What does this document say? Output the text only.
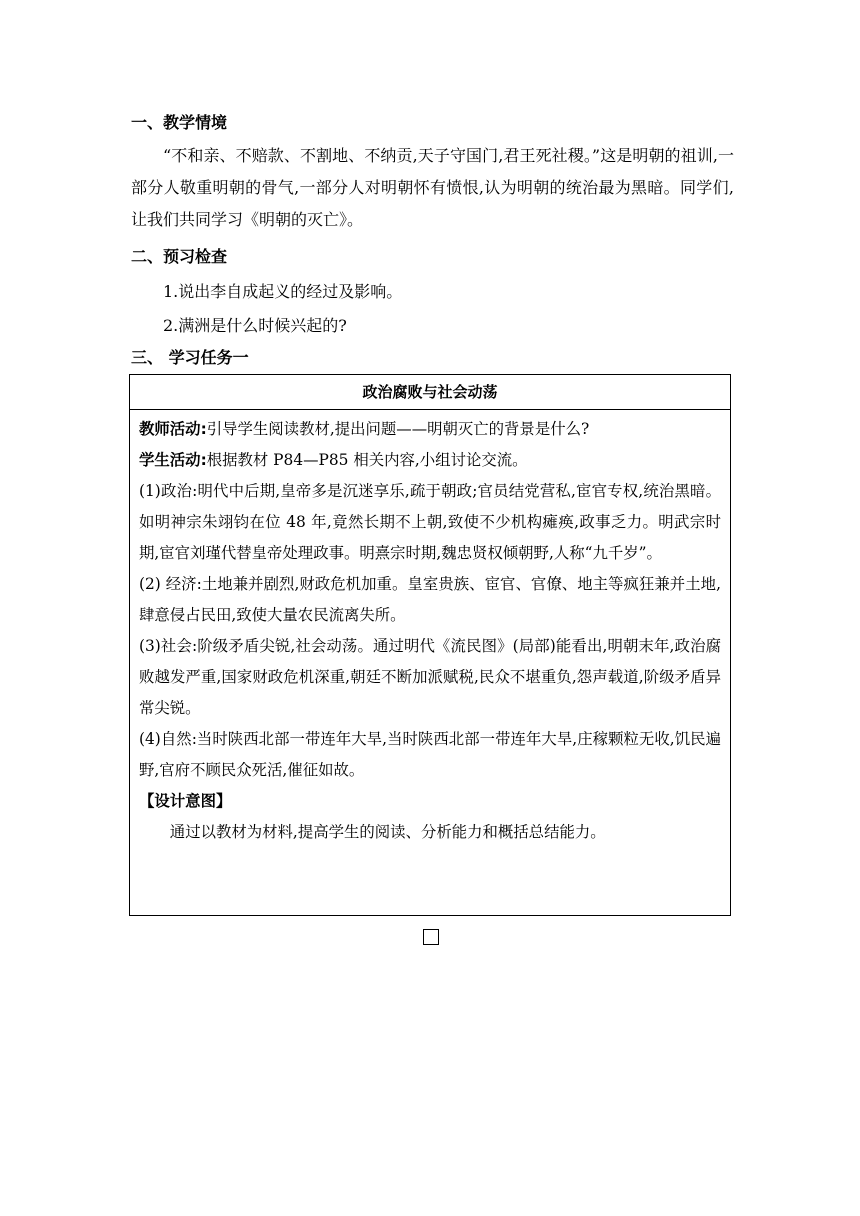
一、教学情境
“不和亲、不赔款、不割地、不纳贡,天子守国门,君王死社稷。”这是明朝的祖训,一部分人敬重明朝的骨气,一部分人对明朝怀有愤恨,认为明朝的统治最为黑暗。同学们,让我们共同学习《明朝的灭亡》。
二、预习检查
1.说出李自成起义的经过及影响。
2.满洲是什么时候兴起的?
三、 学习任务一
政治腐败与社会动荡

教师活动:引导学生阅读教材,提出问题——明朝灭亡的背景是什么?

学生活动:根据教材 P84—P85 相关内容,小组讨论交流。

(1)政治:明代中后期,皇帝多是沉迷享乐,疏于朝政;官员结党营私,宦官专权,统治黑暗。如明神宗朱翊钧在位 48 年,竟然长期不上朝,致使不少机构瘫痪,政事乏力。明武宗时期,宦官刘瑾代替皇帝处理政事。明熹宗时期,魏忠贤权倾朝野,人称“九千岁”。

(2) 经济:土地兼并剧烈,财政危机加重。皇室贵族、宦官、官僚、地主等疯狂兼并土地,肆意侵占民田,致使大量农民流离失所。

(3)社会:阶级矛盾尖锐,社会动荡。通过明代《流民图》(局部)能看出,明朝末年,政治腐败越发严重,国家财政危机深重,朝廷不断加派赋税,民众不堪重负,怨声载道,阶级矛盾异常尖锐。

(4)自然:当时陕西北部一带连年大旱,当时陕西北部一带连年大旱,庄稼颗粒无收,饥民遍野,官府不顾民众死活,催征如故。

【设计意图】

通过以教材为材料,提高学生的阅读、分析能力和概括总结能力。
